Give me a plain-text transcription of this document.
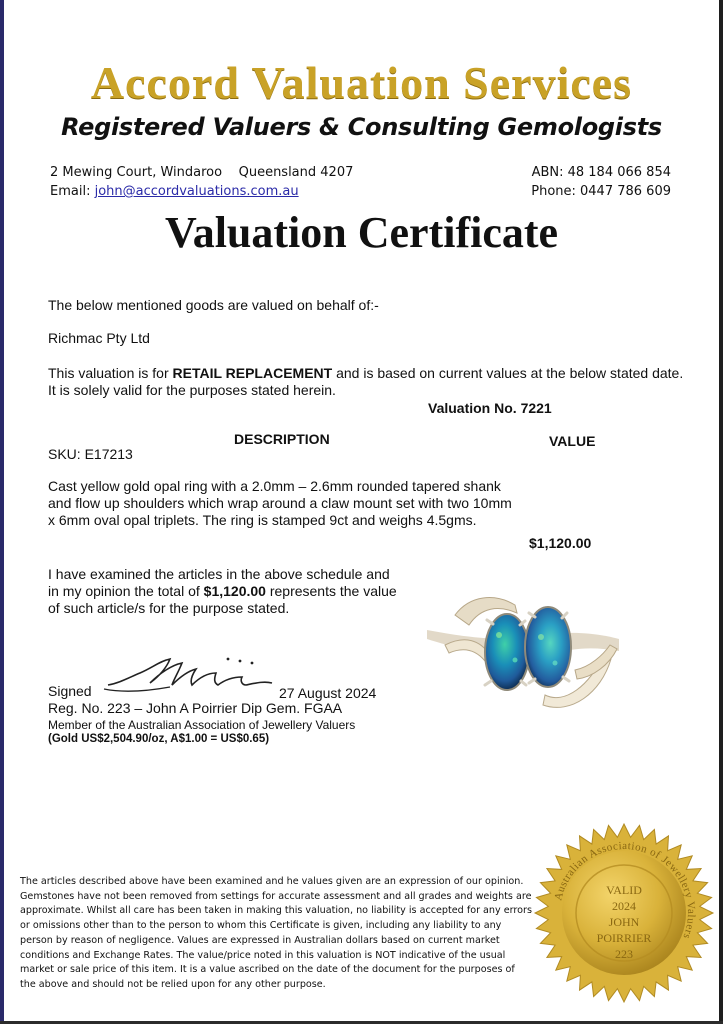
Accord Valuation Services
Registered Valuers & Consulting Gemologists
2 Mewing Court, Windaroo    Queensland 4207
Email: john@accordvaluations.com.au
ABN: 48 184 066 854
Phone: 0447 786 609
Valuation Certificate
The below mentioned goods are valued on behalf of:-
Richmac Pty Ltd
This valuation is for RETAIL REPLACEMENT and is based on current values at the below stated date. It is solely valid for the purposes stated herein.
Valuation No. 7221
DESCRIPTION	VALUE
SKU: E17213
Cast yellow gold opal ring with a 2.0mm – 2.6mm rounded tapered shank and flow up shoulders which wrap around a claw mount set with two 10mm x 6mm oval opal triplets. The ring is stamped 9ct and weighs 4.5gms.
$1,120.00
I have examined the articles in the above schedule and in my opinion the total of $1,120.00 represents the value of such article/s for the purpose stated.
Signed	27 August 2024
Reg. No. 223 – John A Poirrier Dip Gem. FGAA
Member of the Australian Association of Jewellery Valuers
(Gold US$2,504.90/oz, A$1.00 = US$0.65)
The articles described above have been examined and he values given are an expression of our opinion. Gemstones have not been removed from settings for accurate assessment and all grades and weights are approximate. Whilst all care has been taken in making this valuation, no liability is accepted for any errors or omissions other than to the person to whom this Certificate is given, including any liability to any person by reason of negligence. Values are expressed in Australian dollars based on current market conditions and Exchange Rates. The value/price noted in this valuation is NOT indicative of the usual market or sale price of this item. It is a value ascribed on the date of the document for the purposes of the above and should not be relied upon for any other purpose.
Australian Association of Jewellery Valuers
VALID
2024
JOHN
POIRRIER
223
